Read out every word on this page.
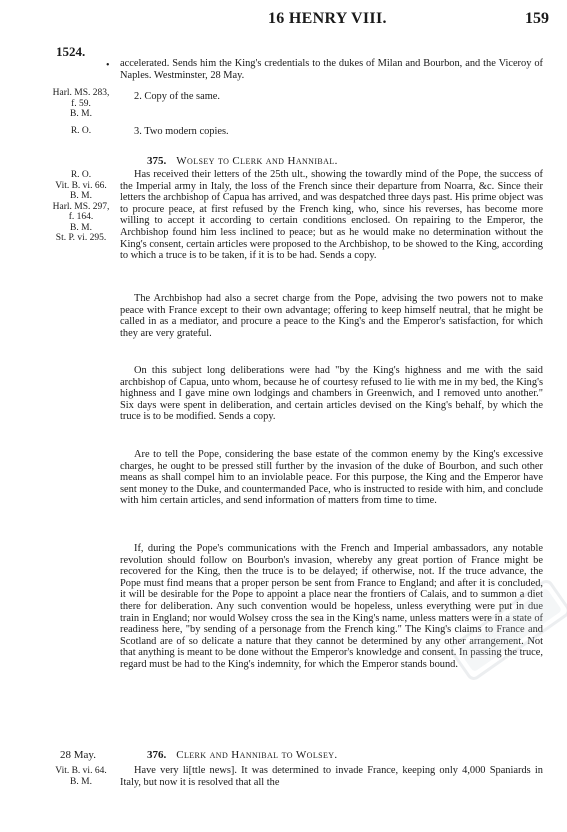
16 HENRY VIII.	159
1524.
• accelerated. Sends him the King's credentials to the dukes of Milan and Bourbon, and the Viceroy of Naples. Westminster, 28 May.
Harl. MS. 283,
f. 59.
B. M.
2. Copy of the same.
R. O.	3. Two modern copies.
375. Wolsey to Clerk and Hannibal.
R. O.
Vit. B. vi. 66.
B. M.
Harl. MS. 297,
f. 164.
B. M.
St. P. vi. 295.
Has received their letters of the 25th ult., showing the towardly mind of the Pope, the success of the Imperial army in Italy, the loss of the French since their departure from Noarra, &c. Since their letters the archbishop of Capua has arrived, and was despatched three days past. His prime object was to procure peace, at first refused by the French king, who, since his reverses, has become more willing to accept it according to certain conditions enclosed. On repairing to the Emperor, the Archbishop found him less inclined to peace; but as he would make no determination without the King's consent, certain articles were proposed to the Archbishop, to be showed to the King, according to which a truce is to be taken, if it is to be had. Sends a copy.
The Archbishop had also a secret charge from the Pope, advising the two powers not to make peace with France except to their own advantage; offering to keep himself neutral, that he might be called in as a mediator, and procure a peace to the King's and the Emperor's satisfaction, for which they are very grateful.
On this subject long deliberations were had "by the King's highness and me with the said archbishop of Capua, unto whom, because he of courtesy refused to lie with me in my bed, the King's highness and I gave mine own lodgings and chambers in Greenwich, and I removed unto another." Six days were spent in deliberation, and certain articles devised on the King's behalf, by which the truce is to be modified. Sends a copy.
Are to tell the Pope, considering the base estate of the common enemy by the King's excessive charges, he ought to be pressed still further by the invasion of the duke of Bourbon, and such other means as shall compel him to an inviolable peace. For this purpose, the King and the Emperor have sent money to the Duke, and countermanded Pace, who is instructed to reside with him, and conclude with him certain articles, and send information of matters from time to time.
If, during the Pope's communications with the French and Imperial ambassadors, any notable revolution should follow on Bourbon's invasion, whereby any great portion of France might be recovered for the King, then the truce is to be delayed; if otherwise, not. If the truce advance, the Pope must find means that a proper person be sent from France to England; and after it is concluded, it will be desirable for the Pope to appoint a place near the frontiers of Calais, and to summon a diet there for deliberation. Any such convention would be hopeless, unless everything were put in due train in England; nor would Wolsey cross the sea in the King's name, unless matters were in a state of readiness here, "by sending of a personage from the French king." The King's claims to France and Scotland are of so delicate a nature that they cannot be determined by any other arrangement. Not that anything is meant to be done without the Emperor's knowledge and consent. In passing the truce, regard must be had to the King's indemnity, for which the Emperor stands bound.
28 May.	376. Clerk and Hannibal to Wolsey.
Vit. B. vi. 64.
B. M.
Have very li[ttle news]. It was determined to invade France, keeping only 4,000 Spaniards in Italy, but now it is resolved that all the
